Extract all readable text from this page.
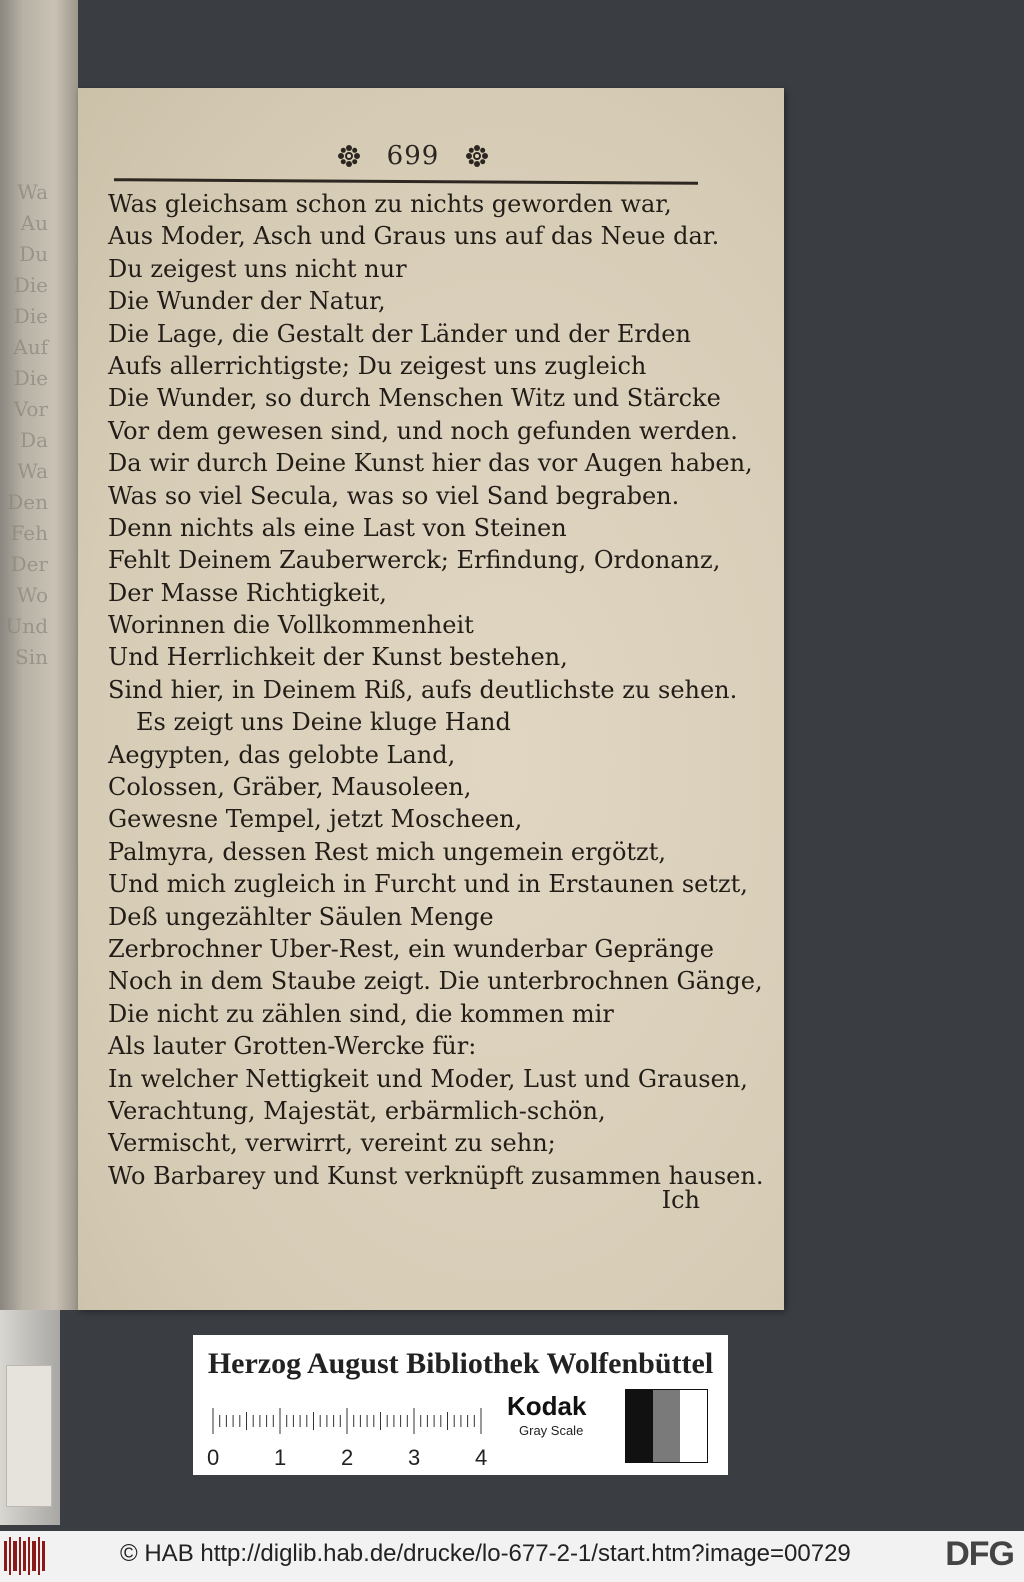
Wa
Au
Du
Die
Die
Auf
Die
Vor
Da
Wa
Den
Feh
Der
Wo
Und
Sin
699
Was gleichsam schon zu nichts geworden war,
Aus Moder, Asch und Graus uns auf das Neue dar.
Du zeigest uns nicht nur
Die Wunder der Natur,
Die Lage, die Gestalt der Länder und der Erden
Aufs allerrichtigste; Du zeigest uns zugleich
Die Wunder, so durch Menschen Witz und Stärcke
Vor dem gewesen sind, und noch gefunden werden.
Da wir durch Deine Kunst hier das vor Augen haben,
Was so viel Secula, was so viel Sand begraben.
Denn nichts als eine Last von Steinen
Fehlt Deinem Zauberwerck; Erfindung, Ordonanz,
Der Masse Richtigkeit,
Worinnen die Vollkommenheit
Und Herrlichkeit der Kunst bestehen,
Sind hier, in Deinem Riß, aufs deutlichste zu sehen.
Es zeigt uns Deine kluge Hand
Aegypten, das gelobte Land,
Colossen, Gräber, Mausoleen,
Gewesne Tempel, jetzt Moscheen,
Palmyra, dessen Rest mich ungemein ergötzt,
Und mich zugleich in Furcht und in Erstaunen setzt,
Deß ungezählter Säulen Menge
Zerbrochner Uber-Rest, ein wunderbar Gepränge
Noch in dem Staube zeigt. Die unterbrochnen Gänge,
Die nicht zu zählen sind, die kommen mir
Als lauter Grotten-Wercke für:
In welcher Nettigkeit und Moder, Lust und Grausen,
Verachtung, Majestät, erbärmlich-schön,
Vermischt, verwirrt, vereint zu sehn;
Wo Barbarey und Kunst verknüpft zusammen hausen.
Ich
Herzog August Bibliothek Wolfenbüttel
0 1 2 3 4
Kodak
Gray Scale
© HAB http://diglib.hab.de/drucke/lo-677-2-1/start.htm?image=00729	DFG
